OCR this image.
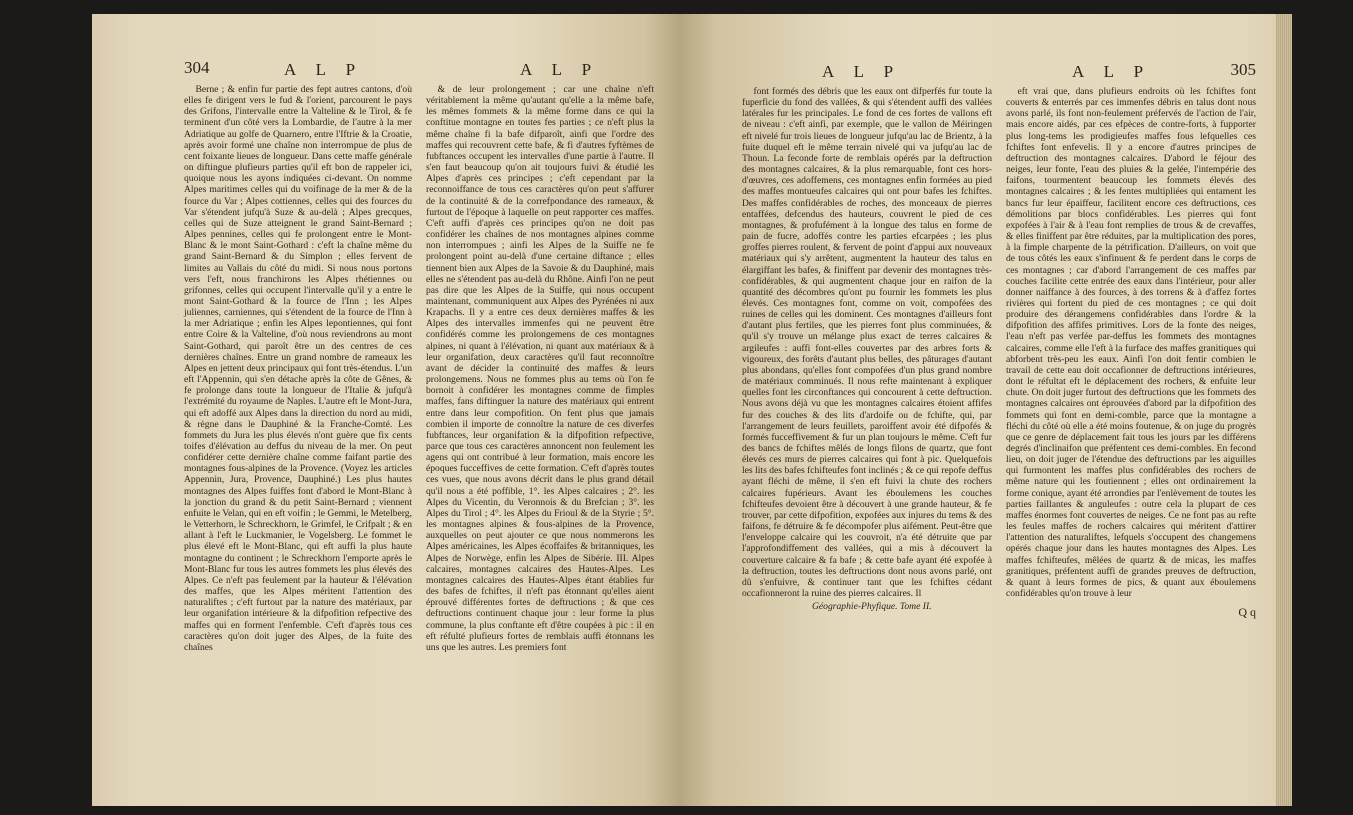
304	A L P	A L P

Berne ; & enfin fur partie des fept autres cantons, d'où elles fe dirigent vers le fud & l'orient, parcourent le pays des Grifons, l'intervalle entre la Valteline & le Tirol, & fe terminent d'un côté vers la Lombardie, de l'autre à la mer Adriatique au golfe de Quarnero, entre l'Iftrie & la Croatie, après avoir formé une chaîne non interrompue de plus de cent foixante lieues de longueur. Dans cette maffe générale on diftingue plufieurs parties qu'il eft bon de rappeler ici, quoique nous les ayons indiquées ci-devant. On nomme Alpes maritimes celles qui du voifinage de la mer & de la fource du Var ; Alpes cottiennes, celles qui des fources du Var s'étendent jufqu'à Suze & au-delà ; Alpes grecques, celles qui de Suze atteignent le grand Saint-Bernard ; Alpes pennines, celles qui fe prolongent entre le Mont-Blanc & le mont Saint-Gothard : c'eft la chaîne même du grand Saint-Bernard & du Simplon ; elles fervent de limites au Vallais du côté du midi. Si nous nous portons vers l'eft, nous franchirons les Alpes rhétiennes ou grifonnes, celles qui occupent l'intervalle qu'il y a entre le mont Saint-Gothard & la fource de l'Inn ; les Alpes juliennes, carniennes, qui s'étendent de la fource de l'Inn à la mer Adriatique ; enfin les Alpes lepontiennes, qui font entre Coire & la Valteline, d'où nous reviendrons au mont Saint-Gothard, qui paroît être un des centres de ces dernières chaînes. Entre un grand nombre de rameaux les Alpes en jettent deux principaux qui font très-étendus. L'un eft l'Appennin, qui s'en détache après la côte de Gênes, & fe prolonge dans toute la longueur de l'Italie & jufqu'à l'extrémité du royaume de Naples. L'autre eft le Mont-Jura, qui eft adoffé aux Alpes dans la direction du nord au midi, & règne dans le Dauphiné & la Franche-Comté. Les fommets du Jura les plus élevés n'ont guère que fix cents toifes d'élévation au deffus du niveau de la mer. On peut confidérer cette dernière chaîne comme faifant partie des montagnes fous-alpines de la Provence. (Voyez les articles Appennin, Jura, Provence, Dauphiné.) Les plus hautes montagnes des Alpes fuiffes font d'abord le Mont-Blanc à la jonction du grand & du petit Saint-Bernard ; viennent enfuite le Velan, qui en eft voifin ; le Gemmi, le Metelberg, le Vetterhorn, le Schreckhorn, le Grimfel, le Crifpalt ; & en allant à l'eft le Luckmanier, le Vogelsberg. Le fommet le plus élevé eft le Mont-Blanc, qui eft auffi la plus haute montagne du continent ; le Schreckhorn l'emporte après le Mont-Blanc fur tous les autres fommets les plus élevés des Alpes. Ce n'eft pas feulement par la hauteur & l'élévation des maffes, que les Alpes méritent l'attention des naturaliftes ; c'eft furtout par la nature des matériaux, par leur organifation intérieure & la difpofition refpective des maffes qui en forment l'enfemble. C'eft d'après tous ces caractères qu'on doit juger des Alpes, de la fuite des chaînes

& de leur prolongement ; car une chaîne n'eft véritablement la même qu'autant qu'elle a la même bafe, les mêmes fommets & la même forme dans ce qui la conftitue montagne en toutes fes parties ; ce n'eft plus la même chaîne fi la bafe difparoît, ainfi que l'ordre des maffes qui recouvrent cette bafe, & fi d'autres fyftèmes de fubftances occupent les intervalles d'une partie à l'autre. Il s'en faut beaucoup qu'on ait toujours fuivi & étudié les Alpes d'après ces principes ; c'eft cependant par la reconnoiffance de tous ces caractères qu'on peut s'affurer de la continuité & de la correfpondance des rameaux, & furtout de l'époque à laquelle on peut rapporter ces maffes. C'eft auffi d'après ces principes qu'on ne doit pas confidérer les chaînes de nos montagnes alpines comme non interrompues ; ainfi les Alpes de la Suiffe ne fe prolongent point au-delà d'une certaine diftance ; elles tiennent bien aux Alpes de la Savoie & du Dauphiné, mais elles ne s'étendent pas au-delà du Rhône. Ainfi l'on ne peut pas dire que les Alpes de la Suiffe, qui nous occupent maintenant, communiquent aux Alpes des Pyrénées ni aux Krapachs. Il y a entre ces deux dernières maffes & les Alpes des intervalles immenfes qui ne peuvent être confidérés comme les prolongemens de ces montagnes alpines, ni quant à l'élévation, ni quant aux matériaux & à leur organifation, deux caractères qu'il faut reconnoître avant de décider la continuité des maffes & leurs prolongemens. Nous ne fommes plus au tems où l'on fe bornoit à confidérer les montagnes comme de fimples maffes, fans diftinguer la nature des matériaux qui entrent entre dans leur compofition. On fent plus que jamais combien il importe de connoître la nature de ces diverfes fubftances, leur organifation & la difpofition refpective, parce que tous ces caractères annoncent non feulement les agens qui ont contribué à leur formation, mais encore les époques fucceffives de cette formation. C'eft d'après toutes ces vues, que nous avons décrit dans le plus grand détail qu'il nous a été poffible, 1°. les Alpes calcaires ; 2°. les Alpes du Vicentin, du Veronnois & du Brefcian ; 3°. les Alpes du Tirol ; 4°. les Alpes du Frioul & de la Styrie ; 5°. les montagnes alpines & fous-alpines de la Provence, auxquelles on peut ajouter ce que nous nommerons les Alpes américaines, les Alpes écoffaifes & britanniques, les Alpes de Norwège, enfin les Alpes de Sibérie. III. Alpes calcaires, montagnes calcaires des Hautes-Alpes. Les montagnes calcaires des Hautes-Alpes étant établies fur des bafes de fchiftes, il n'eft pas étonnant qu'elles aient éprouvé différentes fortes de deftructions ; & que ces deftructions continuent chaque jour : leur forme la plus commune, la plus conftante eft d'être coupées à pic : il en eft réfulté plufieurs fortes de remblais auffi étonnans les uns que les autres. Les premiers font

A L P	A L P	305

font formés des débris que les eaux ont difperfés fur toute la fuperficie du fond des vallées, & qui s'étendent auffi des vallées latérales fur les principales. Le fond de ces fortes de vallons eft de niveau : c'eft ainfi, par exemple, que le vallon de Méiringen eft nivelé fur trois lieues de longueur jufqu'au lac de Brientz, à la fuite duquel eft le même terrain nivelé qui va jufqu'au lac de Thoun. La feconde forte de remblais opérés par la deftruction des montagnes calcaires, & la plus remarquable, font ces hors-d'œuvres, ces adoffemens, ces montagnes enfin formées au pied des maffes montueufes calcaires qui ont pour bafes les fchiftes. Des maffes confidérables de roches, des monceaux de pierres entaffées, defcendus des hauteurs, couvrent le pied de ces montagnes, & profufément à la longue des talus en forme de pain de fucre, adoffés contre les parties efcarpées ; les plus groffes pierres roulent, & fervent de point d'appui aux nouveaux matériaux qui s'y arrêtent, augmentent la hauteur des talus en élargiffant les bafes, & finiffent par devenir des montagnes très-confidérables, & qui augmentent chaque jour en raifon de la quantité des décombres qu'ont pu fournir les fommets les plus élevés. Ces montagnes font, comme on voit, compofées des ruines de celles qui les dominent. Ces montagnes d'ailleurs font d'autant plus fertiles, que les pierres font plus comminuées, & qu'il s'y trouve un mélange plus exact de terres calcaires & argileufes : auffi font-elles couvertes par des arbres forts & vigoureux, des forêts d'autant plus belles, des pâturages d'autant plus abondans, qu'elles font compofées d'un plus grand nombre de matériaux comminués. Il nous refte maintenant à expliquer quelles font les circonftances qui concourent à cette deftruction. Nous avons déjà vu que les montagnes calcaires étoient affifes fur des couches & des lits d'ardoife ou de fchifte, qui, par l'arrangement de leurs feuillets, paroiffent avoir été difpofés & formés fucceffivement & fur un plan toujours le même. C'eft fur des bancs de fchiftes mêlés de longs filons de quartz, que font élevés ces murs de pierres calcaires qui font à pic. Quelquefois les lits des bafes fchifteufes font inclinés ; & ce qui repofe deffus ayant fléchi de même, il s'en eft fuivi la chute des rochers calcaires fupérieurs. Avant les éboulemens les couches fchifteufes devoient être à découvert à une grande hauteur, & fe trouver, par cette difpofition, expofées aux injures du tems & des faifons, fe détruire & fe décompofer plus aifément. Peut-être que l'enveloppe calcaire qui les couvroit, n'a été détruite que par l'approfondiffement des vallées, qui a mis à découvert la couverture calcaire & fa bafe ; & cette bafe ayant été expofée à la deftruction, toutes les deftructions dont nous avons parlé, ont dû s'enfuivre, & continuer tant que les fchiftes cédant occafionneront la ruine des pierres calcaires. Il

eft vrai que, dans plufieurs endroits où les fchiftes font couverts & enterrés par ces immenfes débris en talus dont nous avons parlé, ils font non-feulement préfervés de l'action de l'air, mais encore aidés, par ces efpèces de contre-forts, à fupporter plus long-tems les prodigieufes maffes fous lefquelles ces fchiftes font enfevelis. Il y a encore d'autres principes de deftruction des montagnes calcaires. D'abord le féjour des neiges, leur fonte, l'eau des pluies & la gelée, l'intempérie des faifons, tourmentent beaucoup les fommets élevés des montagnes calcaires ; & les fentes multipliées qui entament les bancs fur leur épaiffeur, facilitent encore ces deftructions, ces démolitions par blocs confidérables. Les pierres qui font expofées à l'air & à l'eau font remplies de trous & de crevaffes, & elles finiffent par être réduites, par la multiplication des pores, à la fimple charpente de la pétrification. D'ailleurs, on voit que de tous côtés les eaux s'infinuent & fe perdent dans le corps de ces montagnes ; car d'abord l'arrangement de ces maffes par couches facilite cette entrée des eaux dans l'intérieur, pour aller donner naiffance à des fources, à des torrens & à d'affez fortes rivières qui fortent du pied de ces montagnes ; ce qui doit produire des dérangemens confidérables dans l'ordre & la difpofition des affifes primitives. Lors de la fonte des neiges, l'eau n'eft pas verfée par-deffus les fommets des montagnes calcaires, comme elle l'eft à la furface des maffes granitiques qui abforbent très-peu les eaux. Ainfi l'on doit fentir combien le travail de cette eau doit occafionner de deftructions intérieures, dont le réfultat eft le déplacement des rochers, & enfuite leur chute. On doit juger furtout des deftructions que les fommets des montagnes calcaires ont éprouvées d'abord par la difpofition des fommets qui font en demi-comble, parce que la montagne a fléchi du côté où elle a été moins foutenue, & on juge du progrès que ce genre de déplacement fait tous les jours par les différens degrés d'inclinaifon que préfentent ces demi-combles. En fecond lieu, on doit juger de l'étendue des deftructions par les aiguilles qui furmontent les maffes plus confidérables des rochers de même nature qui les foutiennent ; elles ont ordinairement la forme conique, ayant été arrondies par l'enlèvement de toutes les parties faillantes & anguleufes : outre cela la plupart de ces maffes énormes font couvertes de neiges. Ce ne font pas au refte les feules maffes de rochers calcaires qui méritent d'attirer l'attention des naturaliftes, lefquels s'occupent des changemens opérés chaque jour dans les hautes montagnes des Alpes. Les maffes fchifteufes, mêlées de quartz & de micas, les maffes granitiques, préfentent auffi de grandes preuves de deftruction, & quant à leurs formes de pics, & quant aux éboulemens confidérables qu'on trouve à leur

Géographie-Phyfique. Tome II.	Q q
